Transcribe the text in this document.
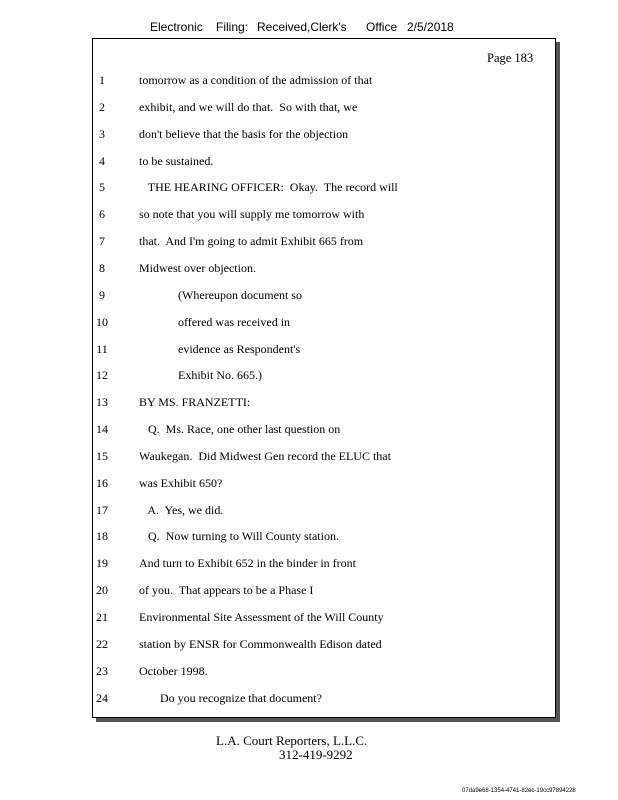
Electronic Filing: Received,Clerk's Office 2/5/2018
Page 183
1	tomorrow as a condition of the admission of that
2	exhibit, and we will do that.  So with that, we
3	don't believe that the basis for the objection
4	to be sustained.
5	THE HEARING OFFICER:  Okay.  The record will
6	so note that you will supply me tomorrow with
7	that.  And I'm going to admit Exhibit 665 from
8	Midwest over objection.
9	(Whereupon document so
10	offered was received in
11	evidence as Respondent's
12	Exhibit No. 665.)
13	BY MS. FRANZETTI:
14	Q.  Ms. Race, one other last question on
15	Waukegan.  Did Midwest Gen record the ELUC that
16	was Exhibit 650?
17	A.  Yes, we did.
18	Q.  Now turning to Will County station.
19	And turn to Exhibit 652 in the binder in front
20	of you.  That appears to be a Phase I
21	Environmental Site Assessment of the Will County
22	station by ENSR for Commonwealth Edison dated
23	October 1998.
24	Do you recognize that document?
L.A. Court Reporters, L.L.C.
312-419-9292
07da9e68-1354-4741-82ec-19cc97894228
